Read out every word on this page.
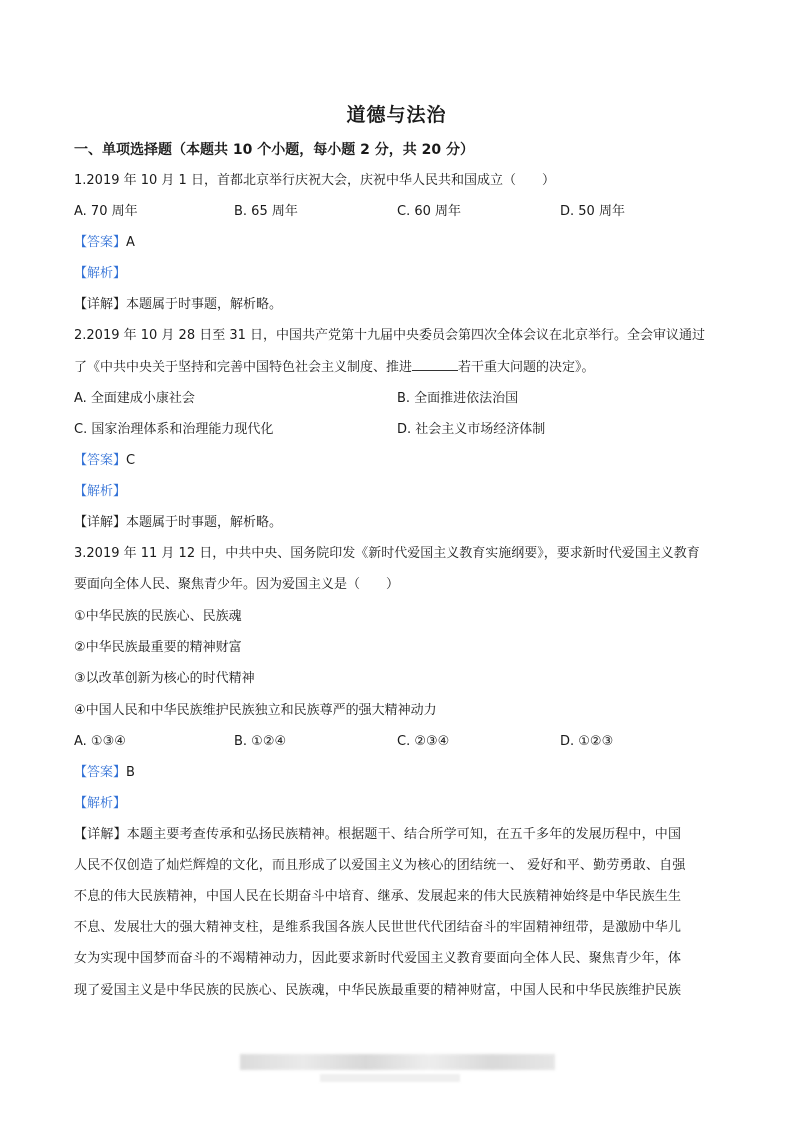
道德与法治
一、单项选择题（本题共 10 个小题，每小题 2 分，共 20 分）
1.2019 年 10 月 1 日，首都北京举行庆祝大会，庆祝中华人民共和国成立（　　）
A. 70 周年	B. 65 周年	C. 60 周年	D. 50 周年
【答案】A
【解析】
【详解】本题属于时事题，解析略。
2.2019 年 10 月 28 日至 31 日，中国共产党第十九届中央委员会第四次全体会议在北京举行。全会审议通过
了《中共中央关于坚持和完善中国特色社会主义制度、推进	若干重大问题的决定》。
A. 全面建成小康社会	B. 全面推进依法治国
C. 国家治理体系和治理能力现代化	D. 社会主义市场经济体制
【答案】C
【解析】
【详解】本题属于时事题，解析略。
3.2019 年 11 月 12 日，中共中央、国务院印发《新时代爱国主义教育实施纲要》，要求新时代爱国主义教育
要面向全体人民、聚焦青少年。因为爱国主义是（　　）
①中华民族的民族心、民族魂
②中华民族最重要的精神财富
③以改革创新为核心的时代精神
④中国人民和中华民族维护民族独立和民族尊严的强大精神动力
A. ①③④	B. ①②④	C. ②③④	D. ①②③
【答案】B
【解析】
【详解】本题主要考查传承和弘扬民族精神。根据题干、结合所学可知，在五千多年的发展历程中，中国
人民不仅创造了灿烂辉煌的文化，而且形成了以爱国主义为核心的团结统一、 爱好和平、勤劳勇敢、自强
不息的伟大民族精神，中国人民在长期奋斗中培育、继承、发展起来的伟大民族精神始终是中华民族生生
不息、发展壮大的强大精神支柱，是维系我国各族人民世世代代团结奋斗的牢固精神纽带，是激励中华儿
女为实现中国梦而奋斗的不竭精神动力，因此要求新时代爱国主义教育要面向全体人民、聚焦青少年，体
现了爱国主义是中华民族的民族心、民族魂，中华民族最重要的精神财富，中国人民和中华民族维护民族
